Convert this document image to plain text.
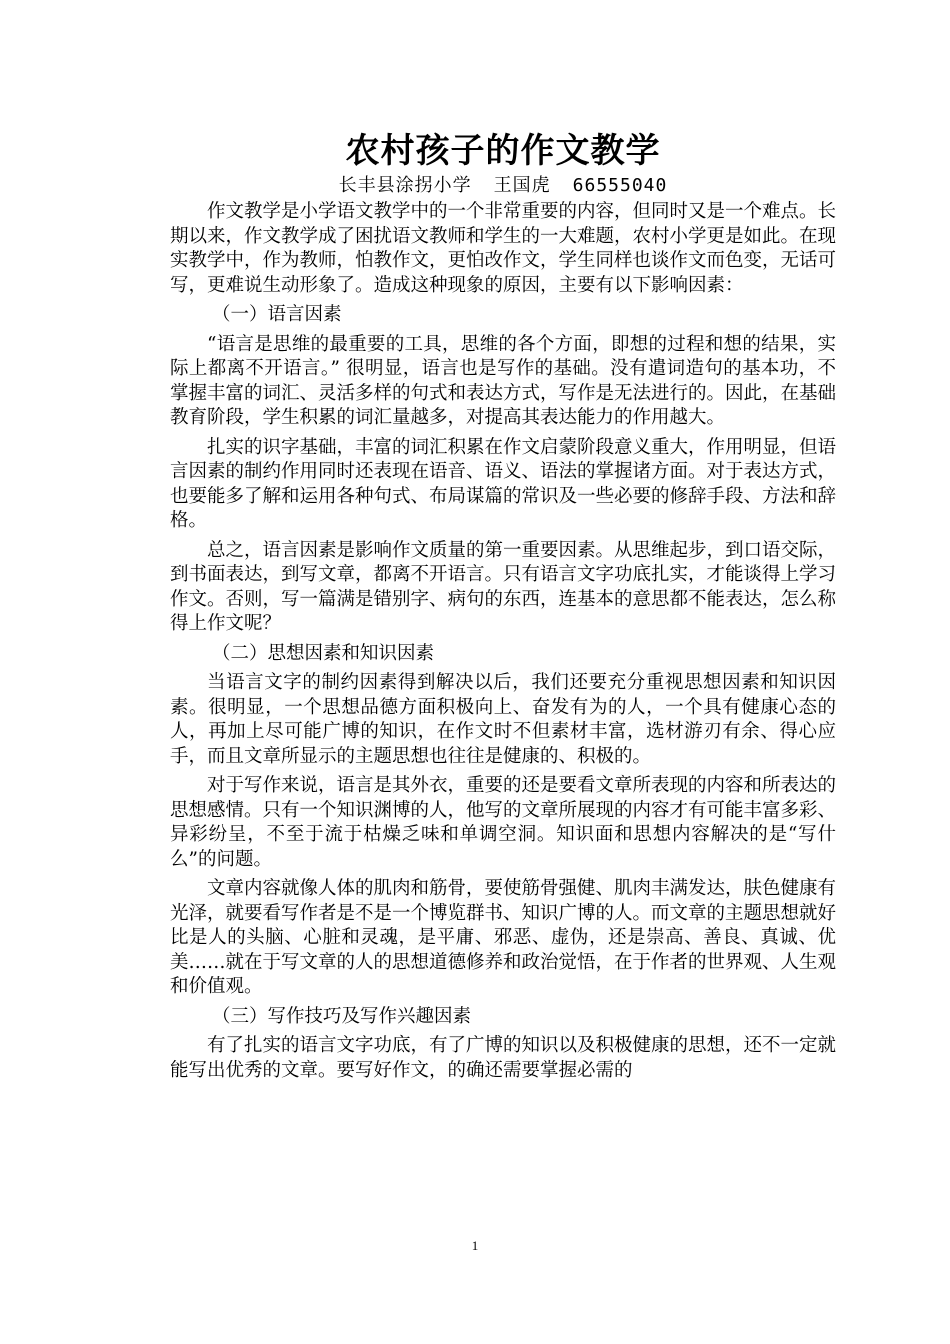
农村孩子的作文教学
长丰县涂拐小学 王国虎 66555040

作文教学是小学语文教学中的一个非常重要的内容，但同时又是一个难点。长期以来，作文教学成了困扰语文教师和学生的一大难题，农村小学更是如此。在现实教学中，作为教师，怕教作文，更怕改作文，学生同样也谈作文而色变，无话可写，更难说生动形象了。造成这种现象的原因，主要有以下影响因素：

（一）语言因素

“语言是思维的最重要的工具，思维的各个方面，即想的过程和想的结果，实际上都离不开语言。” 很明显，语言也是写作的基础。没有遣词造句的基本功，不掌握丰富的词汇、灵活多样的句式和表达方式，写作是无法进行的。因此，在基础教育阶段，学生积累的词汇量越多，对提高其表达能力的作用越大。

扎实的识字基础，丰富的词汇积累在作文启蒙阶段意义重大，作用明显，但语言因素的制约作用同时还表现在语音、语义、语法的掌握诸方面。对于表达方式，也要能多了解和运用各种句式、布局谋篇的常识及一些必要的修辞手段、方法和辞格。

总之，语言因素是影响作文质量的第一重要因素。从思维起步，到口语交际，到书面表达，到写文章，都离不开语言。只有语言文字功底扎实，才能谈得上学习作文。否则，写一篇满是错别字、病句的东西，连基本的意思都不能表达，怎么称得上作文呢？

（二）思想因素和知识因素

当语言文字的制约因素得到解决以后，我们还要充分重视思想因素和知识因素。很明显，一个思想品德方面积极向上、奋发有为的人，一个具有健康心态的人，再加上尽可能广博的知识，在作文时不但素材丰富，选材游刃有余、得心应手，而且文章所显示的主题思想也往往是健康的、积极的。

对于写作来说，语言是其外衣，重要的还是要看文章所表现的内容和所表达的思想感情。只有一个知识渊博的人，他写的文章所展现的内容才有可能丰富多彩、异彩纷呈，不至于流于枯燥乏味和单调空洞。知识面和思想内容解决的是“写什么”的问题。

文章内容就像人体的肌肉和筋骨，要使筋骨强健、肌肉丰满发达，肤色健康有光泽，就要看写作者是不是一个博览群书、知识广博的人。而文章的主题思想就好比是人的头脑、心脏和灵魂，是平庸、邪恶、虚伪，还是崇高、善良、真诚、优美……就在于写文章的人的思想道德修养和政治觉悟，在于作者的世界观、人生观和价值观。

（三）写作技巧及写作兴趣因素

有了扎实的语言文字功底，有了广博的知识以及积极健康的思想，还不一定就能写出优秀的文章。要写好作文，的确还需要掌握必需的

1
